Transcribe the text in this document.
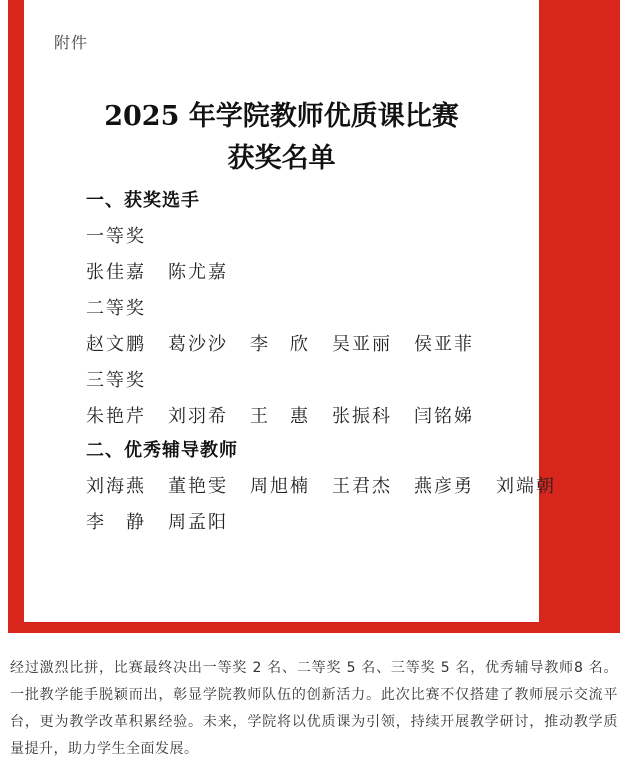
附件
2025 年学院教师优质课比赛
获奖名单
一、获奖选手
一等奖
张佳嘉 陈尤嘉
二等奖
赵文鹏 葛沙沙 李　欣 吴亚丽 侯亚菲
三等奖
朱艳芹 刘羽希 王　惠 张振科 闫铭娣
二、优秀辅导教师
刘海燕 董艳雯 周旭楠 王君杰 燕彦勇 刘端朝
李　静 周孟阳
经过激烈比拼，比赛最终决出一等奖 2 名、二等奖 5 名、三等奖 5 名，优秀辅导教师8 名。一批教学能手脱颖而出，彰显学院教师队伍的创新活力。此次比赛不仅搭建了教师展示交流平台，更为教学改革积累经验。未来，学院将以优质课为引领，持续开展教学研讨，推动教学质量提升，助力学生全面发展。
